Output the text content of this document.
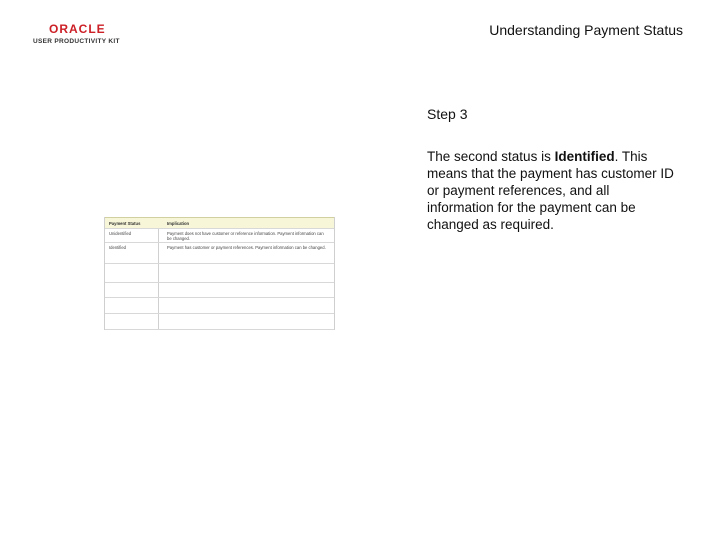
ORACLE
USER PRODUCTIVITY KIT
Understanding Payment Status
Step 3
The second status is Identified. This means that the payment has customer ID or payment references, and all information for the payment can be changed as required.
Payment Status	Implication
Unidentified	Payment does not have customer or reference information. Payment information can be changed.
Identified	Payment has customer or payment references. Payment information can be changed.
